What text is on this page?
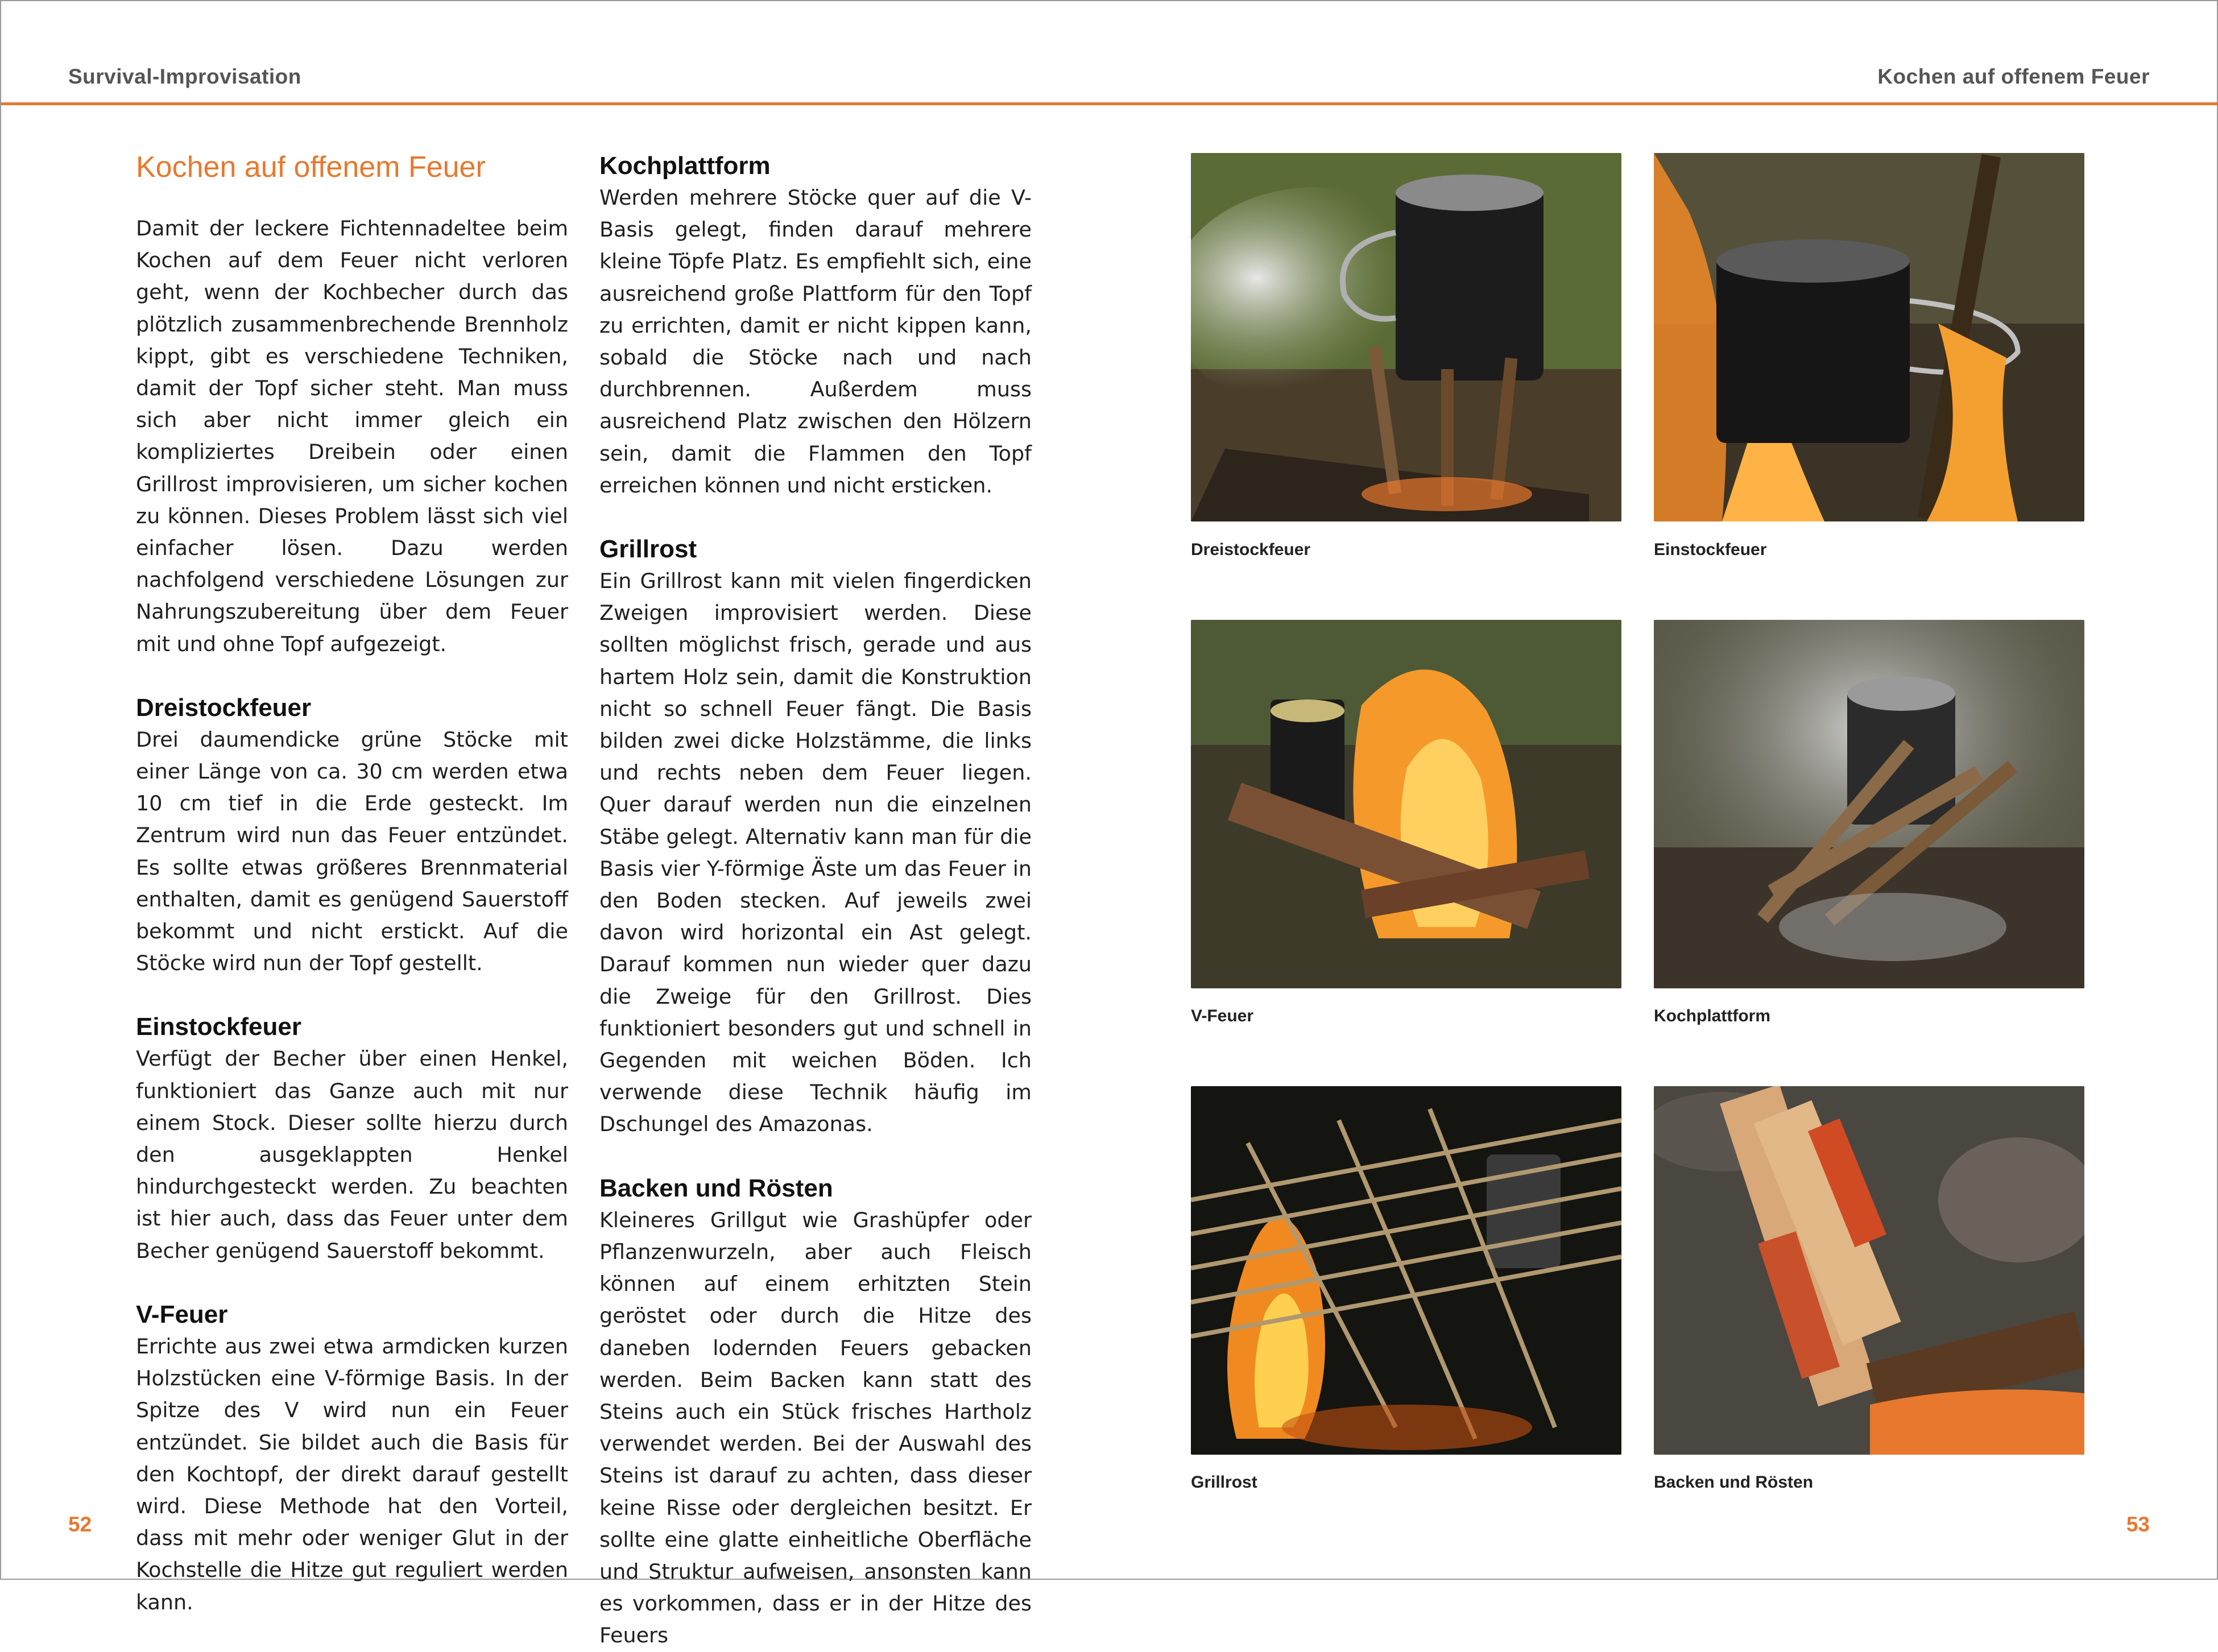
Survival-Improvisation	Kochen auf offenem Feuer
Kochen auf offenem Feuer

Damit der leckere Fichtennadeltee beim Kochen auf dem Feuer nicht verloren geht, wenn der Kochbecher durch das plötzlich zusammenbrechende Brennholz kippt, gibt es verschiedene Techniken, damit der Topf sicher steht. Man muss sich aber nicht immer gleich ein kompliziertes Dreibein oder einen Grillrost improvisieren, um sicher kochen zu können. Dieses Problem lässt sich viel einfacher lösen. Dazu werden nachfolgend verschiedene Lösungen zur Nahrungszubereitung über dem Feuer mit und ohne Topf aufgezeigt.

Dreistockfeuer

Drei daumendicke grüne Stöcke mit einer Länge von ca. 30 cm werden etwa 10 cm tief in die Erde gesteckt. Im Zentrum wird nun das Feuer entzündet. Es sollte etwas größeres Brennmaterial enthalten, damit es genügend Sauerstoff bekommt und nicht erstickt. Auf die Stöcke wird nun der Topf gestellt.

Einstockfeuer

Verfügt der Becher über einen Henkel, funktioniert das Ganze auch mit nur einem Stock. Dieser sollte hierzu durch den ausgeklappten Henkel hindurchgesteckt werden. Zu beachten ist hier auch, dass das Feuer unter dem Becher genügend Sauerstoff bekommt.

V-Feuer

Errichte aus zwei etwa armdicken kurzen Holzstücken eine V-förmige Basis. In der Spitze des V wird nun ein Feuer entzündet. Sie bildet auch die Basis für den Kochtopf, der direkt darauf gestellt wird. Diese Methode hat den Vorteil, dass mit mehr oder weniger Glut in der Kochstelle die Hitze gut reguliert werden kann.

Kochplattform

Werden mehrere Stöcke quer auf die V-Basis gelegt, finden darauf mehrere kleine Töpfe Platz. Es empfiehlt sich, eine ausreichend große Plattform für den Topf zu errichten, damit er nicht kippen kann, sobald die Stöcke nach und nach durchbrennen. Außerdem muss ausreichend Platz zwischen den Hölzern sein, damit die Flammen den Topf erreichen können und nicht ersticken.

Grillrost

Ein Grillrost kann mit vielen fingerdicken Zweigen improvisiert werden. Diese sollten möglichst frisch, gerade und aus hartem Holz sein, damit die Konstruktion nicht so schnell Feuer fängt. Die Basis bilden zwei dicke Holzstämme, die links und rechts neben dem Feuer liegen. Quer darauf werden nun die einzelnen Stäbe gelegt. Alternativ kann man für die Basis vier Y-förmige Äste um das Feuer in den Boden stecken. Auf jeweils zwei davon wird horizontal ein Ast gelegt. Darauf kommen nun wieder quer dazu die Zweige für den Grillrost. Dies funktioniert besonders gut und schnell in Gegenden mit weichen Böden. Ich verwende diese Technik häufig im Dschungel des Amazonas.

Backen und Rösten

Kleineres Grillgut wie Grashüpfer oder Pflanzenwurzeln, aber auch Fleisch können auf einem erhitzten Stein geröstet oder durch die Hitze des daneben lodernden Feuers gebacken werden. Beim Backen kann statt des Steins auch ein Stück frisches Hartholz verwendet werden. Bei der Auswahl des Steins ist darauf zu achten, dass dieser keine Risse oder dergleichen besitzt. Er sollte eine glatte einheitliche Oberfläche und Struktur aufweisen, ansonsten kann es vorkommen, dass er in der Hitze des Feuers

Dreistockfeuer	Einstockfeuer
V-Feuer	Kochplattform
Grillrost	Backen und Rösten
52	53
